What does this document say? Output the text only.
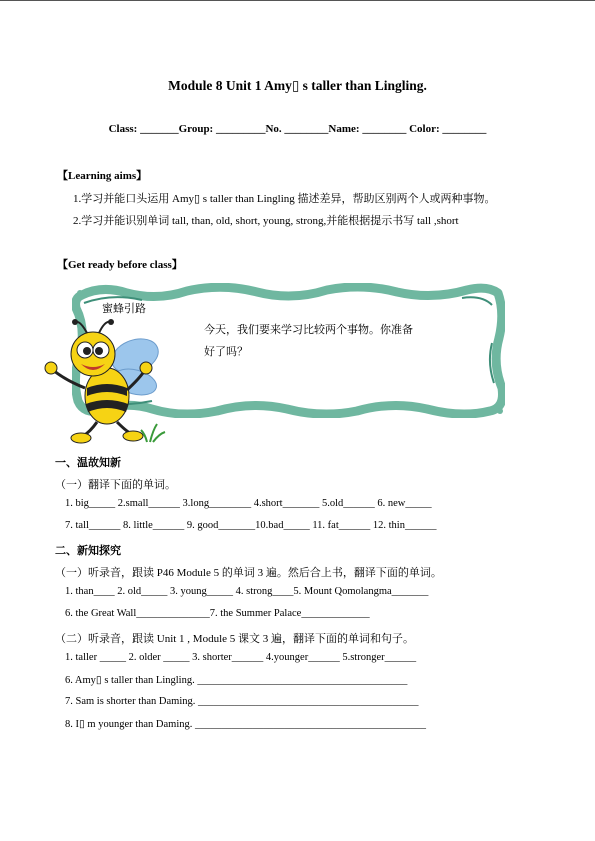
Module 8 Unit 1 Amy▯ s taller than Lingling.
Class: _______Group: _________No. ________Name: ________ Color: ________
【Learning aims】
1.学习并能口头运用 Amy▯ s taller than Lingling 描述差异，帮助区别两个人或两种事物。
2.学习并能识别单词 tall, than, old, short, young, strong,并能根据提示书写 tall ,short
【Get ready before class】
蜜蜂引路
今天，我们要来学习比较两个事物。你准备
好了吗？
一、温故知新
（一）翻译下面的单词。
1. big_____ 2.small______ 3.long________ 4.short_______ 5.old______ 6. new_____
7. tall______ 8. little______ 9. good_______10.bad_____ 11. fat______ 12. thin______
二、新知探究
（一）听录音，跟读 P46 Module 5 的单词 3 遍。然后合上书，翻译下面的单词。
1. than____ 2. old_____ 3. young_____ 4. strong____5. Mount Qomolangma_______
6. the Great Wall______________7. the Summer Palace_____________
（二）听录音，跟读 Unit 1 , Module 5 课文 3 遍，翻译下面的单词和句子。
1. taller _____ 2. older _____ 3. shorter______ 4.younger______ 5.stronger______
6. Amy▯ s taller than Lingling. ________________________________________
7. Sam is shorter than Daming. __________________________________________
8. I▯ m younger than Daming. ____________________________________________
